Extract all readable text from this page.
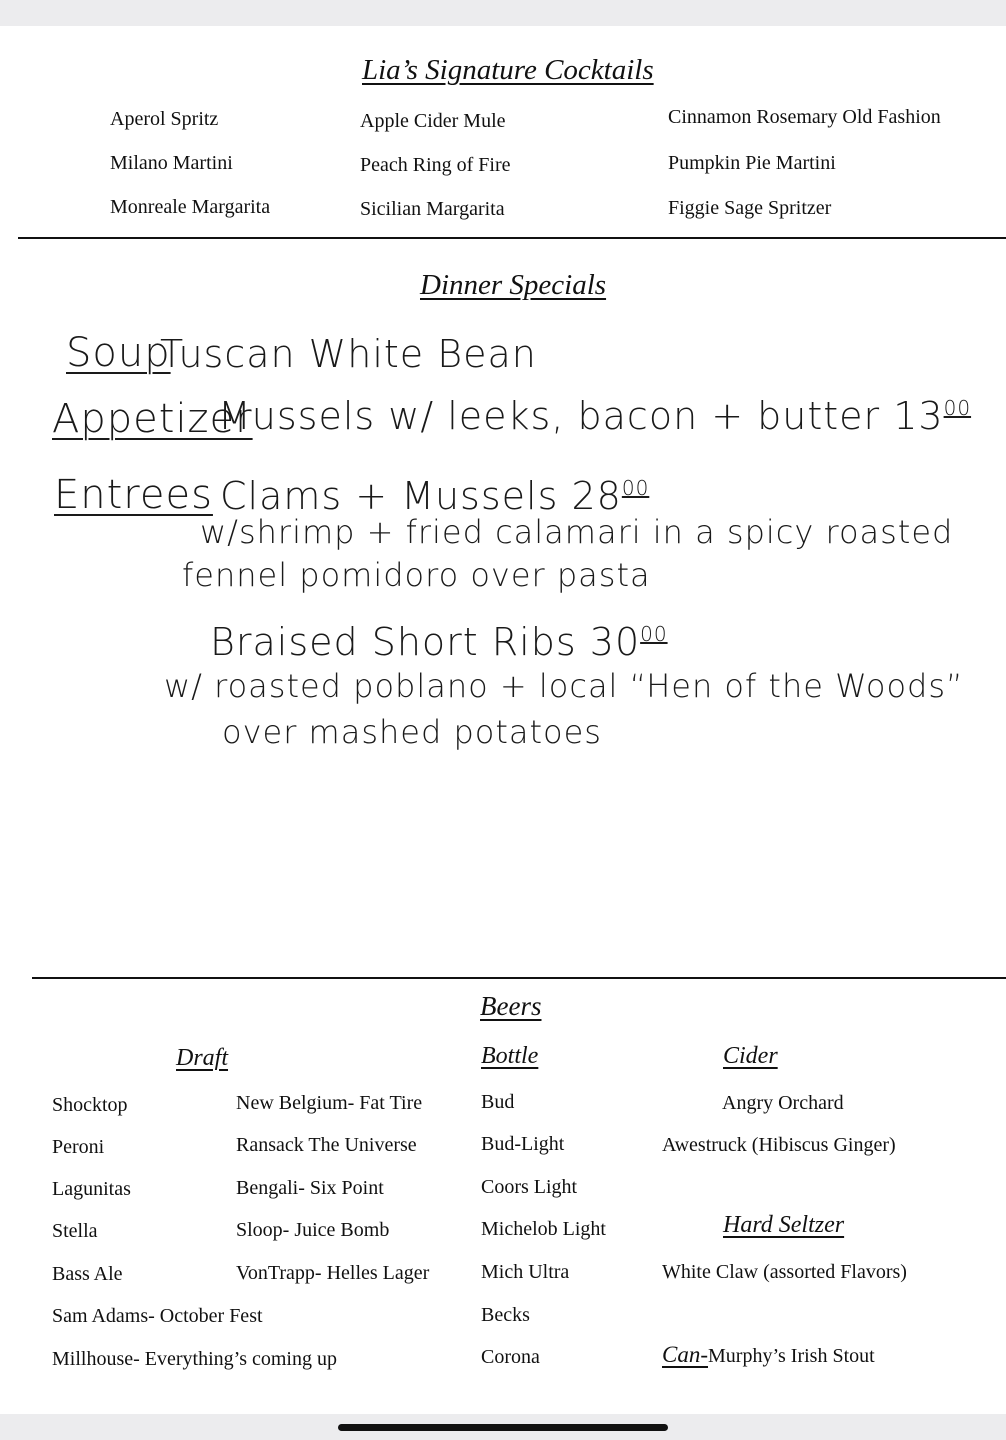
Lia’s Signature Cocktails
Aperol Spritz
Milano Martini
Monreale Margarita
Apple Cider Mule
Peach Ring of Fire
Sicilian Margarita
Cinnamon Rosemary Old Fashion
Pumpkin Pie Martini
Figgie Sage Spritzer
Dinner Specials
Soup
Tuscan White Bean
Appetizer
Mussels w/ leeks, bacon + butter $13^{00}$
Entrees Clams + Mussels $28^{00}$
w/shrimp + fried calamari in a spicy roasted
fennel pomidoro over pasta
Braised Short Ribs $30^{00}$
w/ roasted poblano + local “Hen of the Woods”
over mashed potatoes
Beers
Draft	Bottle	Cider
Shocktop
Peroni
Lagunitas
Stella
Bass Ale
Sam Adams- October Fest
Millhouse- Everything’s coming up
New Belgium- Fat Tire
Ransack The Universe
Bengali- Six Point
Sloop- Juice Bomb
VonTrapp- Helles Lager
Bud
Bud-Light
Coors Light
Michelob Light
Mich Ultra
Becks
Corona
Angry Orchard
Awestruck (Hibiscus Ginger)
Hard Seltzer
White Claw (assorted Flavors)
Can-Murphy’s Irish Stout
